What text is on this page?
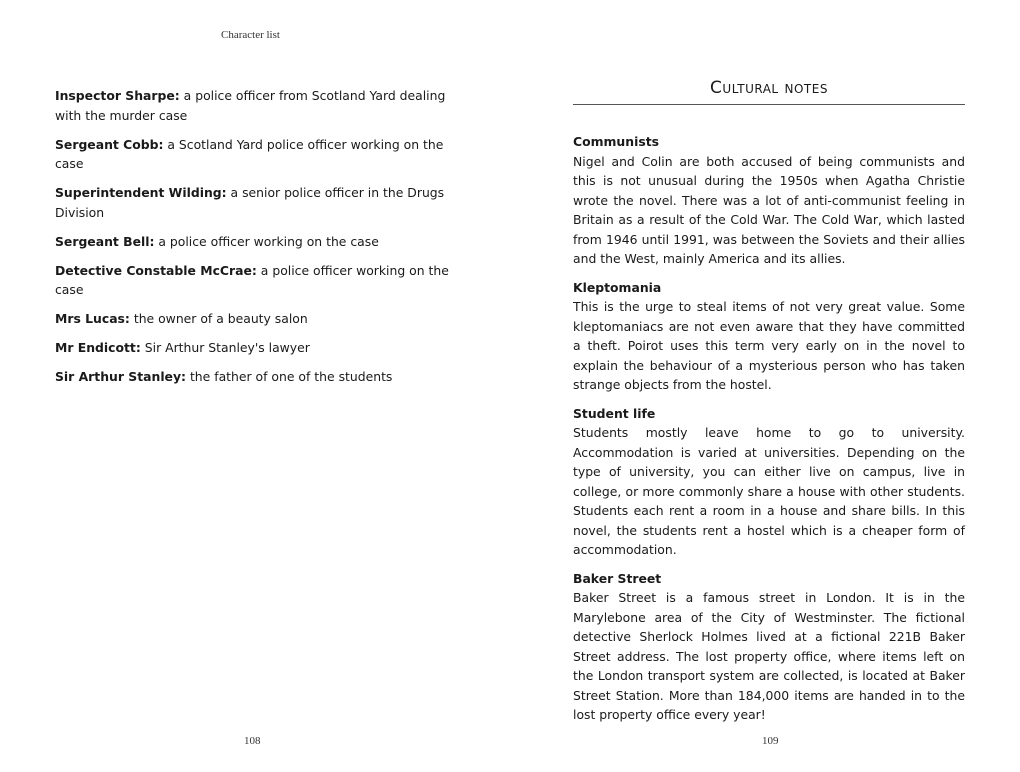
Character list
Inspector Sharpe: a police officer from Scotland Yard dealing with the murder case
Sergeant Cobb: a Scotland Yard police officer working on the case
Superintendent Wilding: a senior police officer in the Drugs Division
Sergeant Bell: a police officer working on the case
Detective Constable McCrae: a police officer working on the case
Mrs Lucas: the owner of a beauty salon
Mr Endicott: Sir Arthur Stanley's lawyer
Sir Arthur Stanley: the father of one of the students
108
Cultural notes
Communists

Nigel and Colin are both accused of being communists and this is not unusual during the 1950s when Agatha Christie wrote the novel. There was a lot of anti-communist feeling in Britain as a result of the Cold War. The Cold War, which lasted from 1946 until 1991, was between the Soviets and their allies and the West, mainly America and its allies.

Kleptomania

This is the urge to steal items of not very great value. Some kleptomaniacs are not even aware that they have committed a theft. Poirot uses this term very early on in the novel to explain the behaviour of a mysterious person who has taken strange objects from the hostel.

Student life

Students mostly leave home to go to university. Accommodation is varied at universities. Depending on the type of university, you can either live on campus, live in college, or more commonly share a house with other students. Students each rent a room in a house and share bills. In this novel, the students rent a hostel which is a cheaper form of accommodation.

Baker Street

Baker Street is a famous street in London. It is in the Marylebone area of the City of Westminster. The fictional detective Sherlock Holmes lived at a fictional 221B Baker Street address. The lost property office, where items left on the London transport system are collected, is located at Baker Street Station. More than 184,000 items are handed in to the lost property office every year!

109
